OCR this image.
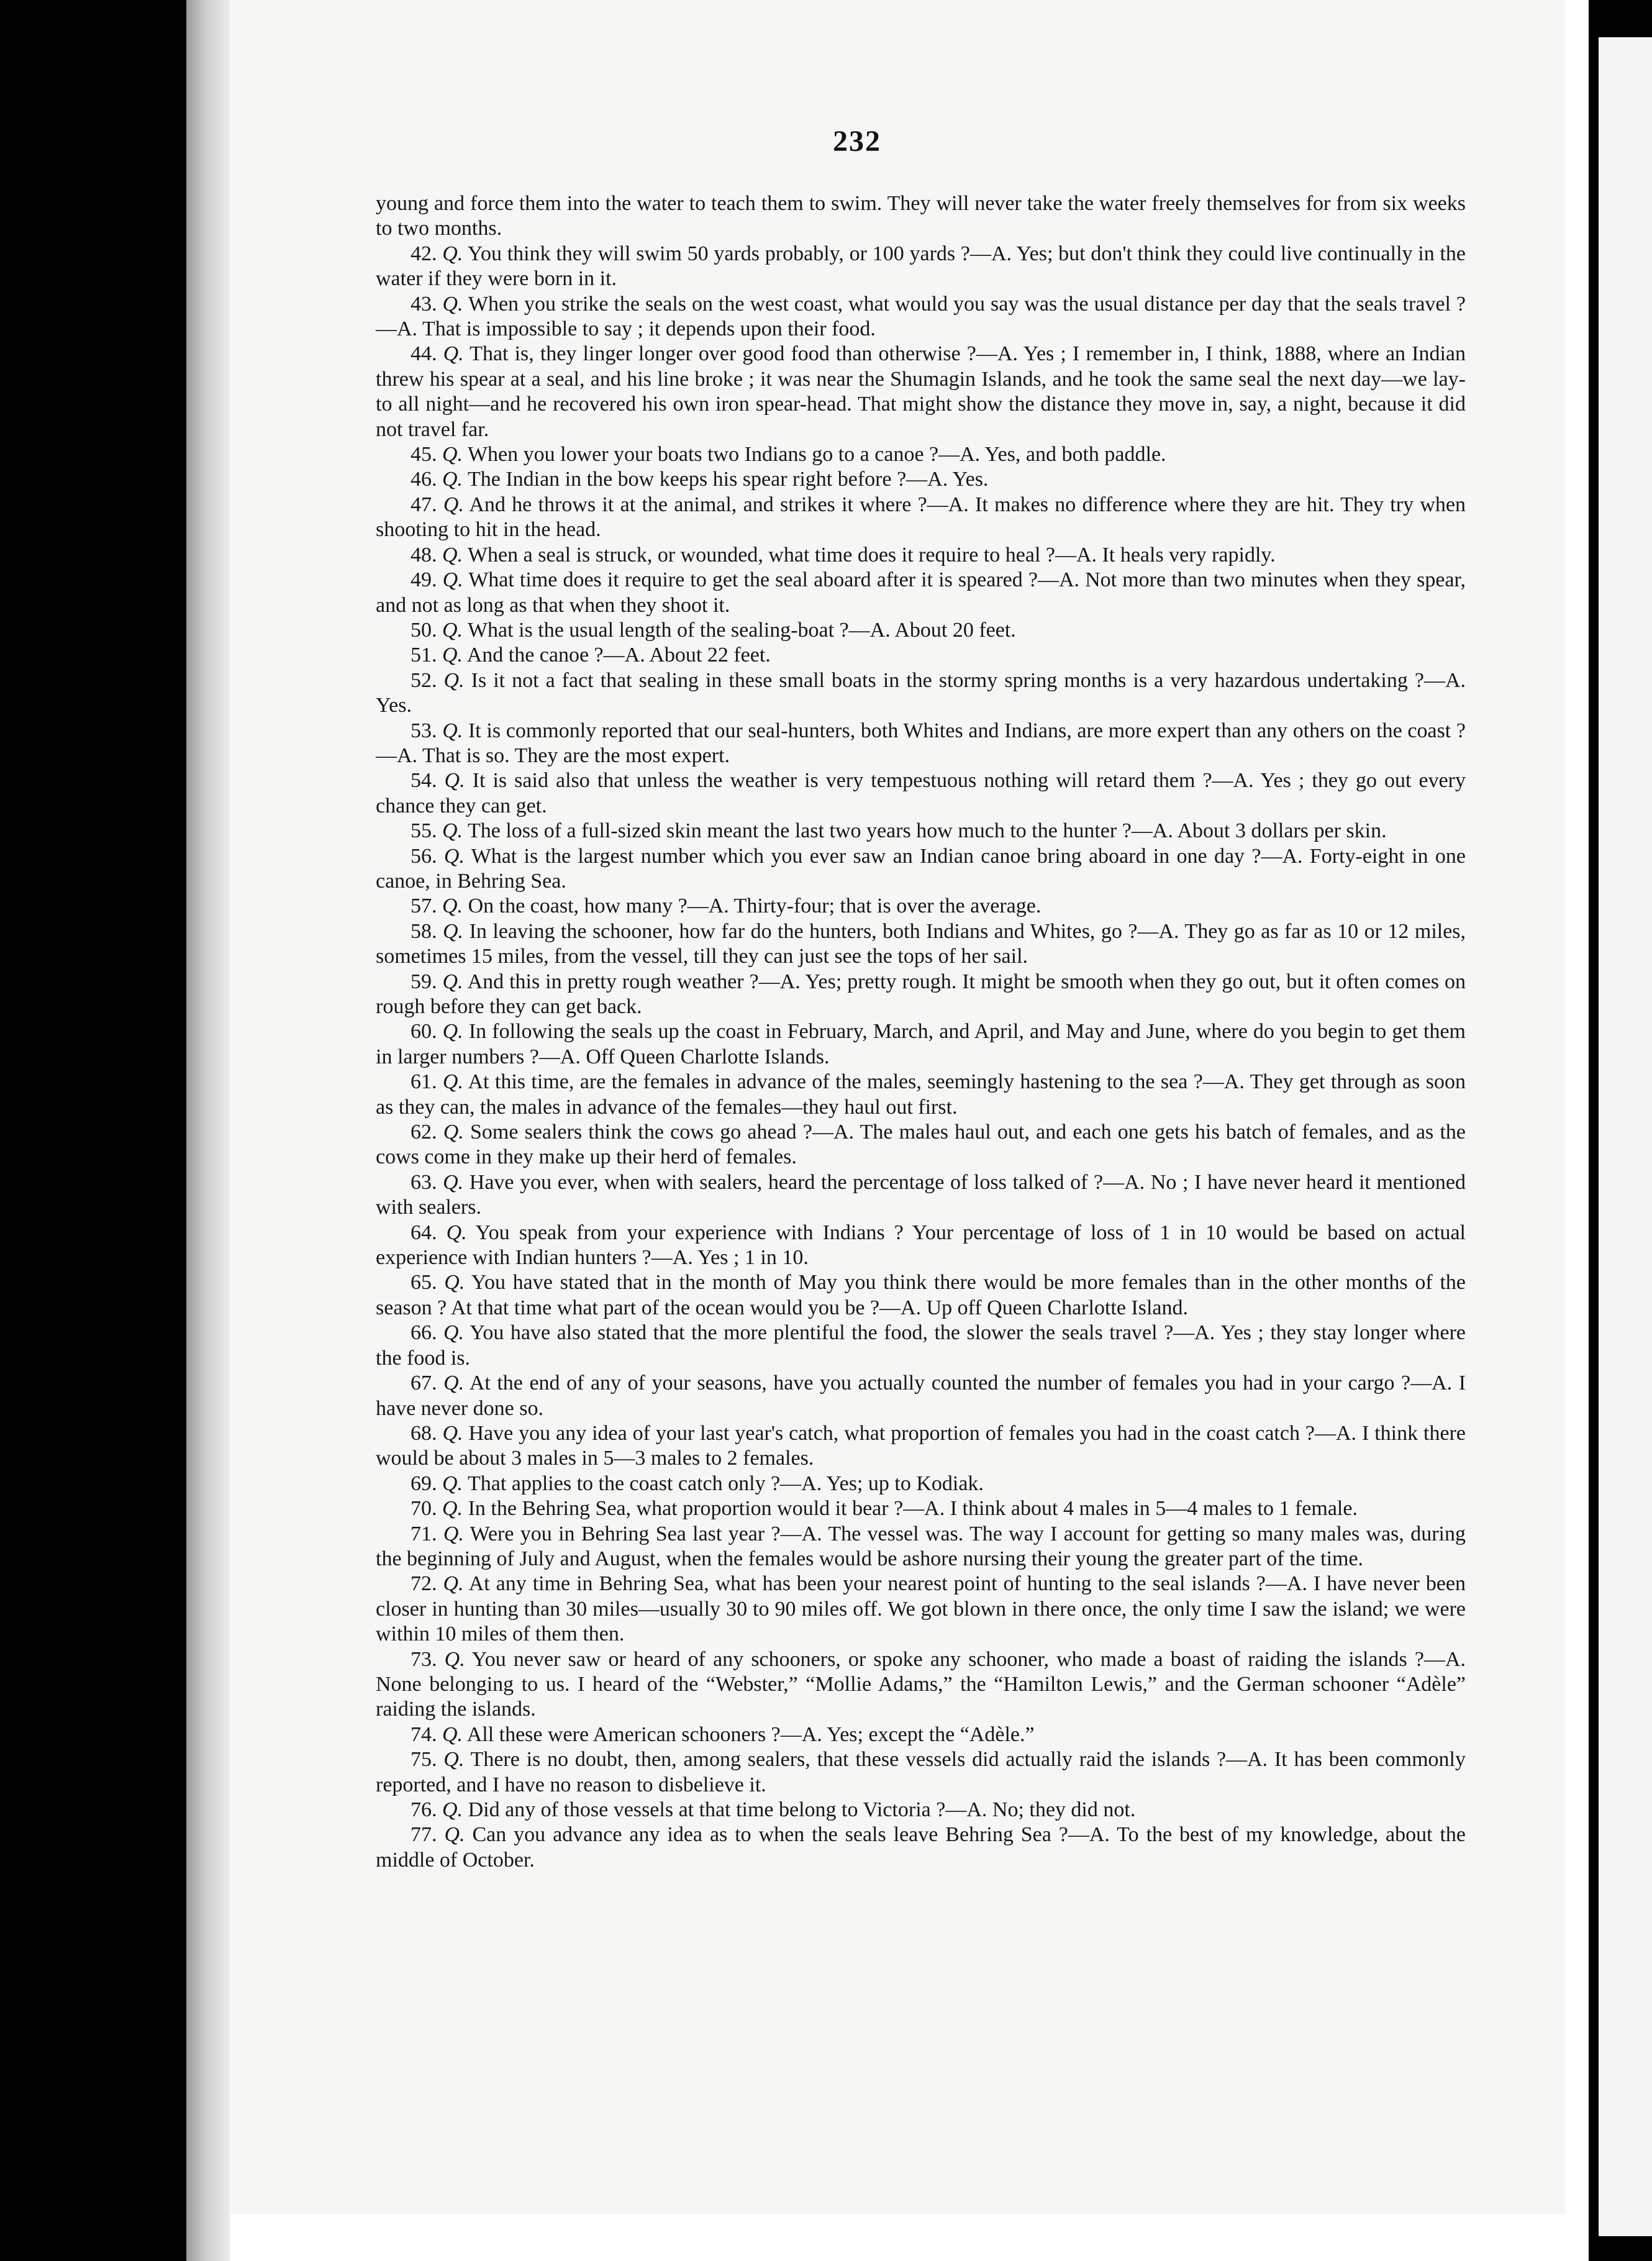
232

young and force them into the water to teach them to swim. They will never take the water freely themselves for from six weeks to two months.

42. Q. You think they will swim 50 yards probably, or 100 yards ?—A. Yes; but don't think they could live continually in the water if they were born in it.

43. Q. When you strike the seals on the west coast, what would you say was the usual distance per day that the seals travel ?—A. That is impossible to say ; it depends upon their food.

44. Q. That is, they linger longer over good food than otherwise ?—A. Yes ; I remember in, I think, 1888, where an Indian threw his spear at a seal, and his line broke ; it was near the Shumagin Islands, and he took the same seal the next day—we lay-to all night—and he recovered his own iron spear-head. That might show the distance they move in, say, a night, because it did not travel far.

45. Q. When you lower your boats two Indians go to a canoe ?—A. Yes, and both paddle.

46. Q. The Indian in the bow keeps his spear right before ?—A. Yes.

47. Q. And he throws it at the animal, and strikes it where ?—A. It makes no difference where they are hit. They try when shooting to hit in the head.

48. Q. When a seal is struck, or wounded, what time does it require to heal ?—A. It heals very rapidly.

49. Q. What time does it require to get the seal aboard after it is speared ?—A. Not more than two minutes when they spear, and not as long as that when they shoot it.

50. Q. What is the usual length of the sealing-boat ?—A. About 20 feet.

51. Q. And the canoe ?—A. About 22 feet.

52. Q. Is it not a fact that sealing in these small boats in the stormy spring months is a very hazardous undertaking ?—A. Yes.

53. Q. It is commonly reported that our seal-hunters, both Whites and Indians, are more expert than any others on the coast ?—A. That is so. They are the most expert.

54. Q. It is said also that unless the weather is very tempestuous nothing will retard them ?—A. Yes ; they go out every chance they can get.

55. Q. The loss of a full-sized skin meant the last two years how much to the hunter ?—A. About 3 dollars per skin.

56. Q. What is the largest number which you ever saw an Indian canoe bring aboard in one day ?—A. Forty-eight in one canoe, in Behring Sea.

57. Q. On the coast, how many ?—A. Thirty-four; that is over the average.

58. Q. In leaving the schooner, how far do the hunters, both Indians and Whites, go ?—A. They go as far as 10 or 12 miles, sometimes 15 miles, from the vessel, till they can just see the tops of her sail.

59. Q. And this in pretty rough weather ?—A. Yes; pretty rough. It might be smooth when they go out, but it often comes on rough before they can get back.

60. Q. In following the seals up the coast in February, March, and April, and May and June, where do you begin to get them in larger numbers ?—A. Off Queen Charlotte Islands.

61. Q. At this time, are the females in advance of the males, seemingly hastening to the sea ?—A. They get through as soon as they can, the males in advance of the females—they haul out first.

62. Q. Some sealers think the cows go ahead ?—A. The males haul out, and each one gets his batch of females, and as the cows come in they make up their herd of females.

63. Q. Have you ever, when with sealers, heard the percentage of loss talked of ?—A. No ; I have never heard it mentioned with sealers.

64. Q. You speak from your experience with Indians ? Your percentage of loss of 1 in 10 would be based on actual experience with Indian hunters ?—A. Yes ; 1 in 10.

65. Q. You have stated that in the month of May you think there would be more females than in the other months of the season ? At that time what part of the ocean would you be ?—A. Up off Queen Charlotte Island.

66. Q. You have also stated that the more plentiful the food, the slower the seals travel ?—A. Yes ; they stay longer where the food is.

67. Q. At the end of any of your seasons, have you actually counted the number of females you had in your cargo ?—A. I have never done so.

68. Q. Have you any idea of your last year's catch, what proportion of females you had in the coast catch ?—A. I think there would be about 3 males in 5—3 males to 2 females.

69. Q. That applies to the coast catch only ?—A. Yes; up to Kodiak.

70. Q. In the Behring Sea, what proportion would it bear ?—A. I think about 4 males in 5—4 males to 1 female.

71. Q. Were you in Behring Sea last year ?—A. The vessel was. The way I account for getting so many males was, during the beginning of July and August, when the females would be ashore nursing their young the greater part of the time.

72. Q. At any time in Behring Sea, what has been your nearest point of hunting to the seal islands ?—A. I have never been closer in hunting than 30 miles—usually 30 to 90 miles off. We got blown in there once, the only time I saw the island; we were within 10 miles of them then.

73. Q. You never saw or heard of any schooners, or spoke any schooner, who made a boast of raiding the islands ?—A. None belonging to us. I heard of the “Webster,” “Mollie Adams,” the “Hamilton Lewis,” and the German schooner “Adèle” raiding the islands.

74. Q. All these were American schooners ?—A. Yes; except the “Adèle.”

75. Q. There is no doubt, then, among sealers, that these vessels did actually raid the islands ?—A. It has been commonly reported, and I have no reason to disbelieve it.

76. Q. Did any of those vessels at that time belong to Victoria ?—A. No; they did not.

77. Q. Can you advance any idea as to when the seals leave Behring Sea ?—A. To the best of my knowledge, about the middle of October.
